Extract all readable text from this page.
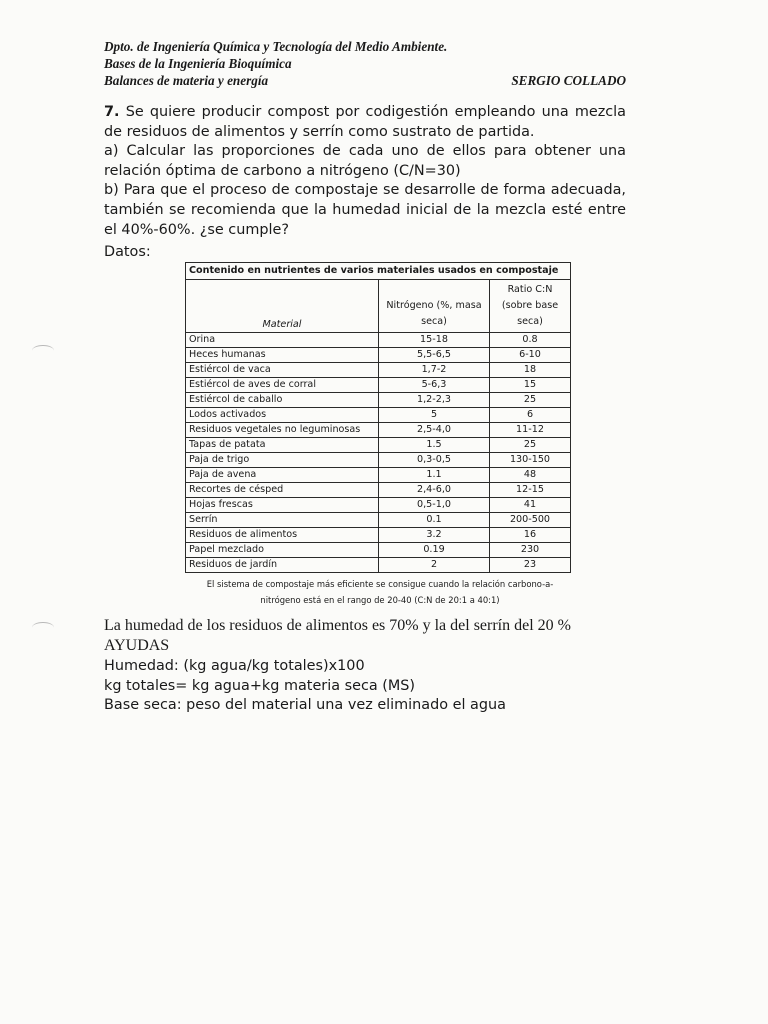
Dpto. de Ingeniería Química y Tecnología del Medio Ambiente.
Bases de la Ingeniería Bioquímica
Balances de materia y energía	SERGIO COLLADO

7. Se quiere producir compost por codigestión empleando una mezcla de residuos de alimentos y serrín como sustrato de partida.

a) Calcular las proporciones de cada uno de ellos para obtener una relación óptima de carbono a nitrógeno (C/N=30)

b) Para que el proceso de compostaje se desarrolle de forma adecuada, también se recomienda que la humedad inicial de la mezcla esté entre el 40%-60%. ¿se cumple?

Datos:
Contenido en nutrientes de varios materiales usados en compostaje		
Material	Nitrógeno (%, masa seca)	Ratio C:N (sobre base seca)
Orina	15-18	0.8
Heces humanas	5,5-6,5	6-10
Estiércol de vaca	1,7-2	18
Estiércol de aves de corral	5-6,3	15
Estiércol de caballo	1,2-2,3	25
Lodos activados	5	6
Residuos vegetales no leguminosas	2,5-4,0	11-12
Tapas de patata	1.5	25
Paja de trigo	0,3-0,5	130-150
Paja de avena	1.1	48
Recortes de césped	2,4-6,0	12-15
Hojas frescas	0,5-1,0	41
Serrín	0.1	200-500
Residuos de alimentos	3.2	16
Papel mezclado	0.19	230
Residuos de jardín	2	23
El sistema de compostaje más eficiente se consigue cuando la relación carbono-a-
nitrógeno está en el rango de 20-40 (C:N de 20:1 a 40:1)
La humedad de los residuos de alimentos es 70% y la del serrín del 20 %
AYUDAS
Humedad: (kg agua/kg totales)x100
kg totales= kg agua+kg materia seca (MS)
Base seca: peso del material una vez eliminado el agua
